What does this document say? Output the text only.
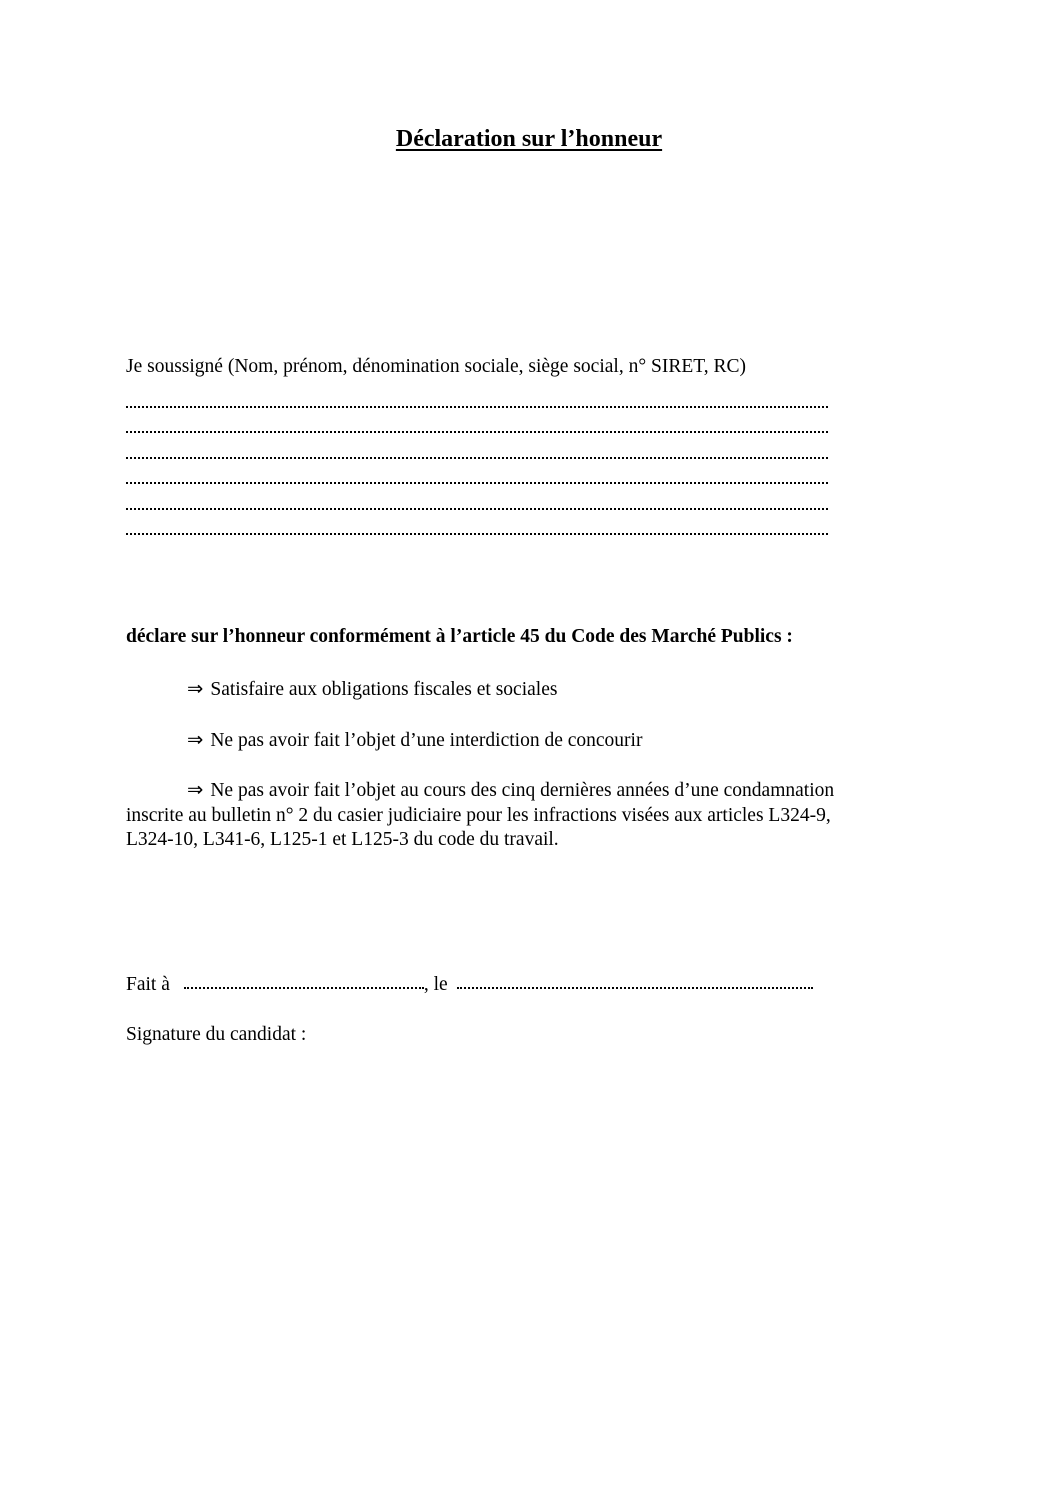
Déclaration sur l’honneur
Je soussigné (Nom, prénom, dénomination sociale, siège social, n° SIRET, RC)
déclare sur l’honneur conformément à l’article 45 du Code des Marché Publics :
⇒ Satisfaire aux obligations fiscales et sociales
⇒ Ne pas avoir fait l’objet d’une interdiction de concourir
⇒ Ne pas avoir fait l’objet au cours des cinq dernières années d’une condamnation
inscrite au bulletin n° 2 du casier judiciaire pour les infractions visées aux articles L324-9,
L324-10, L341-6, L125-1 et L125-3 du code du travail.
Fait à	, le
Signature du candidat :
